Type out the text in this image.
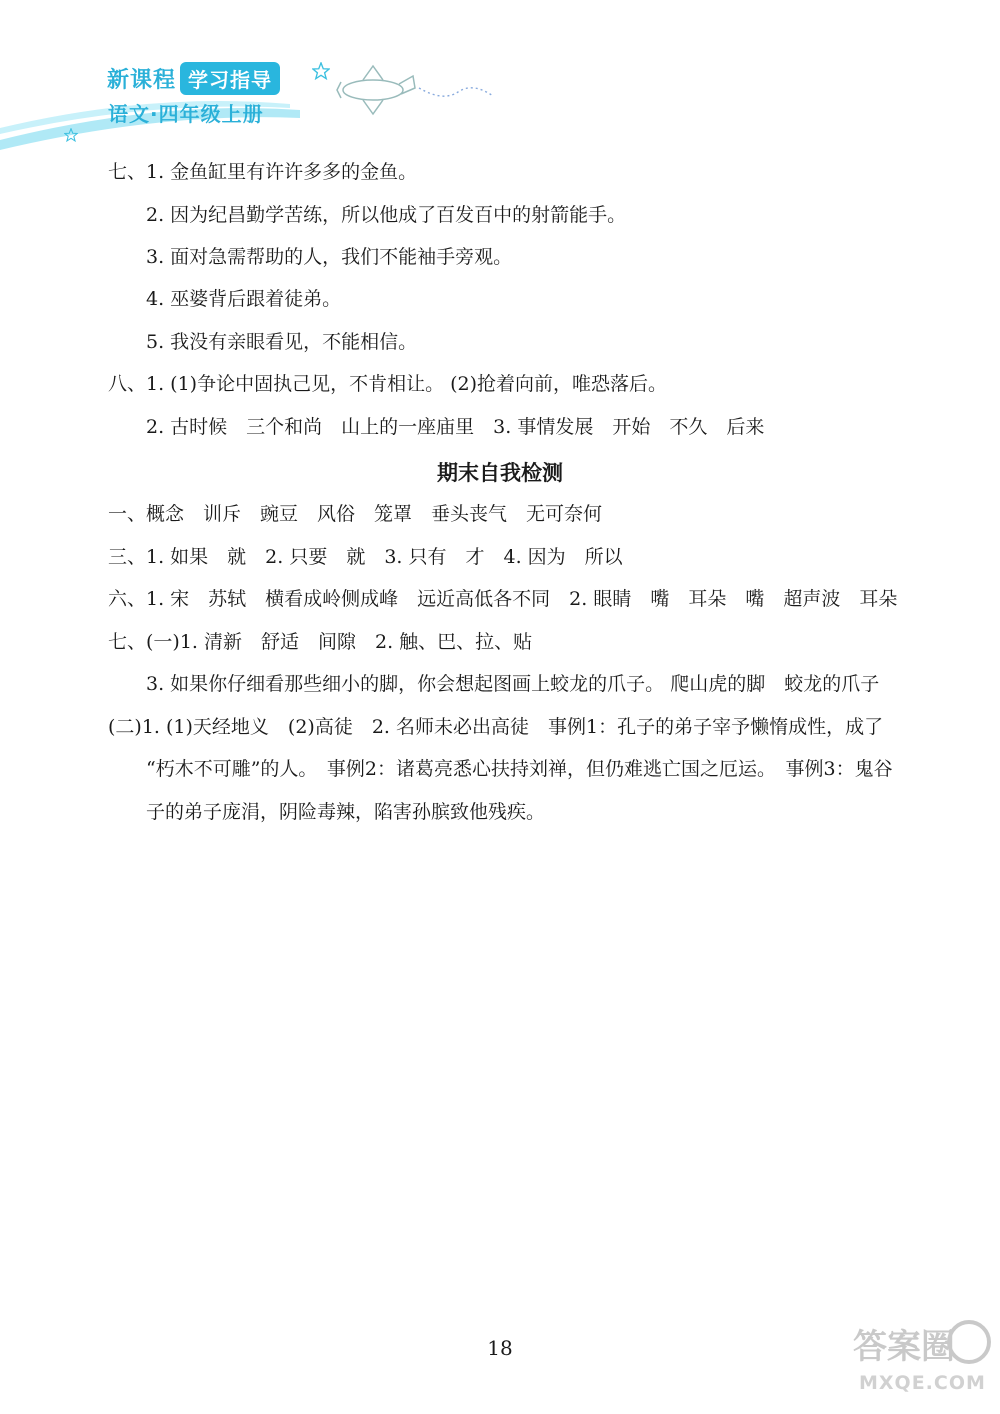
新课程 学习指导
语文·四年级上册
七、1. 金鱼缸里有许许多多的金鱼。
2. 因为纪昌勤学苦练，所以他成了百发百中的射箭能手。
3. 面对急需帮助的人，我们不能袖手旁观。
4. 巫婆背后跟着徒弟。
5. 我没有亲眼看见，不能相信。
八、1. (1)争论中固执己见，不肯相让。 (2)抢着向前，唯恐落后。
2. 古时候　三个和尚　山上的一座庙里　3. 事情发展　开始　不久　后来
期末自我检测
一、概念　训斥　豌豆　风俗　笼罩　垂头丧气　无可奈何
三、1. 如果　就　2. 只要　就　3. 只有　才　4. 因为　所以
六、1. 宋　苏轼　横看成岭侧成峰　远近高低各不同　2. 眼睛　嘴　耳朵　嘴　超声波　耳朵
七、(一)1. 清新　舒适　间隙　2. 触、巴、拉、贴
3. 如果你仔细看那些细小的脚，你会想起图画上蛟龙的爪子。 爬山虎的脚　蛟龙的爪子
(二)1. (1)天经地义　(2)高徒　2. 名师未必出高徒　事例1：孔子的弟子宰予懒惰成性，成了
“朽木不可雕”的人。　事例2：诸葛亮悉心扶持刘禅，但仍难逃亡国之厄运。　事例3：鬼谷
子的弟子庞涓，阴险毒辣，陷害孙膑致他残疾。
18	答案圈
MXQE.COM
